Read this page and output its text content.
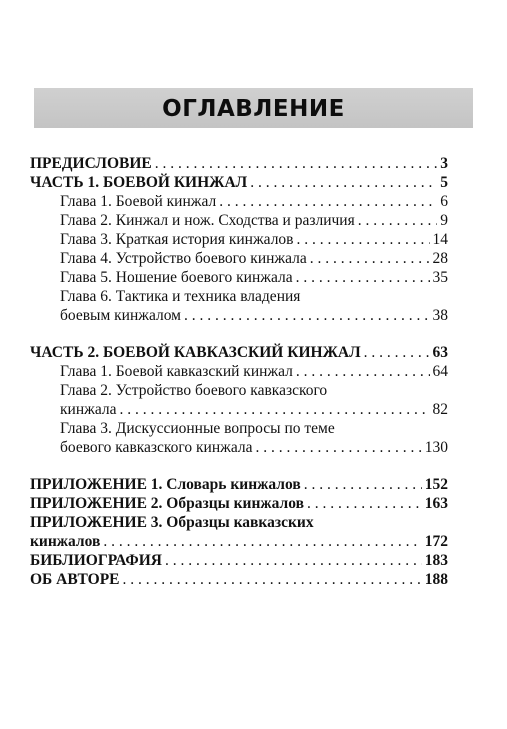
ОГЛАВЛЕНИЕ
ПРЕДИСЛОВИЕ . . .	3
ЧАСТЬ 1. БОЕВОЙ КИНЖАЛ . . .	5
Глава 1. Боевой кинжал . . .	6
Глава 2. Кинжал и нож. Сходства и различия . . .	9
Глава 3. Краткая история кинжалов . . .	14
Глава 4. Устройство боевого кинжала . . .	28
Глава 5. Ношение боевого кинжала . . .	35
Глава 6. Тактика и техника владения
боевым кинжалом . . .	38
ЧАСТЬ 2. БОЕВОЙ КАВКАЗСКИЙ КИНЖАЛ . . .	63
Глава 1. Боевой кавказский кинжал . . .	64
Глава 2. Устройство боевого кавказского
кинжала . . .	82
Глава 3. Дискуссионные вопросы по теме
боевого кавказского кинжала . . .	130
ПРИЛОЖЕНИЕ 1. Словарь кинжалов . . .	152
ПРИЛОЖЕНИЕ 2. Образцы кинжалов . . .	163
ПРИЛОЖЕНИЕ 3. Образцы кавказских
кинжалов . . .	172
БИБЛИОГРАФИЯ . . .	183
ОБ АВТОРЕ . . .	188
